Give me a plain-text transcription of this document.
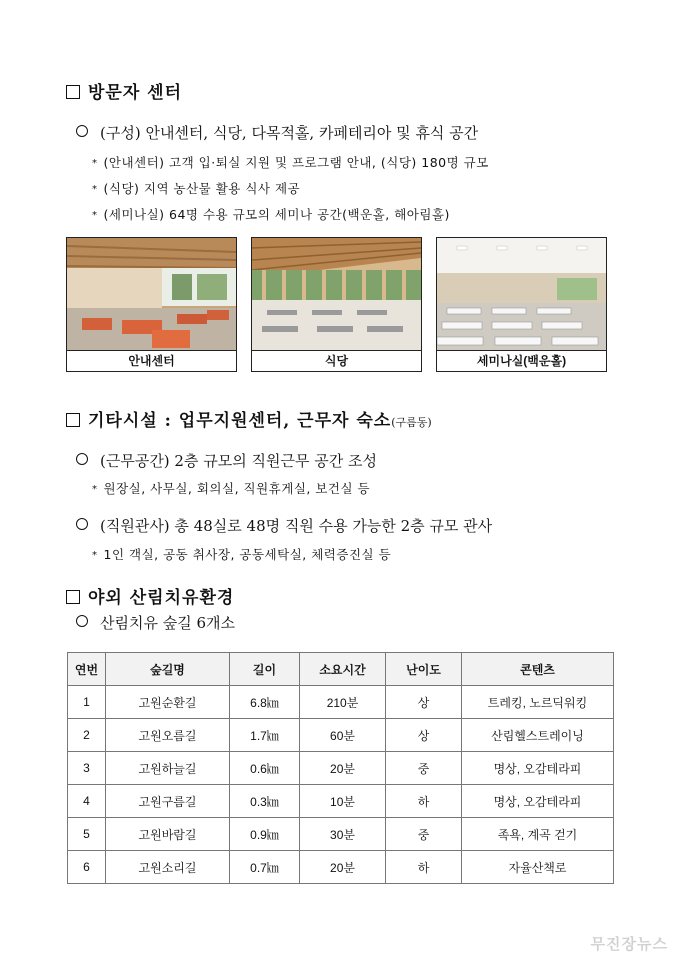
방문자 센터
(구성) 안내센터, 식당, 다목적홀, 카페테리아 및 휴식 공간
* (안내센터) 고객 입·퇴실 지원 및 프로그램 안내, (식당) 180명 규모
* (식당) 지역 농산물 활용 식사 제공
* (세미나실) 64명 수용 규모의 세미나 공간(백운홀, 해아림홀)
안내센터	식당	세미나실(백운홀)
기타시설 : 업무지원센터, 근무자 숙소(구름동)
(근무공간) 2층 규모의 직원근무 공간 조성
* 원장실, 사무실, 회의실, 직원휴게실, 보건실 등
(직원관사) 총 48실로 48명 직원 수용 가능한 2층 규모 관사
* 1인 객실, 공동 취사장, 공동세탁실, 체력증진실 등
야외 산림치유환경
산림치유 숲길 6개소
연번	숲길명	길이	소요시간	난이도	콘텐츠
1	고원순환길	6.8㎞	210분	상	트레킹, 노르딕워킹
2	고원오름길	1.7㎞	60분	상	산림헬스트레이닝
3	고원하늘길	0.6㎞	20분	중	명상, 오감테라피
4	고원구름길	0.3㎞	10분	하	명상, 오감테라피
5	고원바람길	0.9㎞	30분	중	족욕, 계곡 걷기
6	고원소리길	0.7㎞	20분	하	자율산책로
무진장뉴스
